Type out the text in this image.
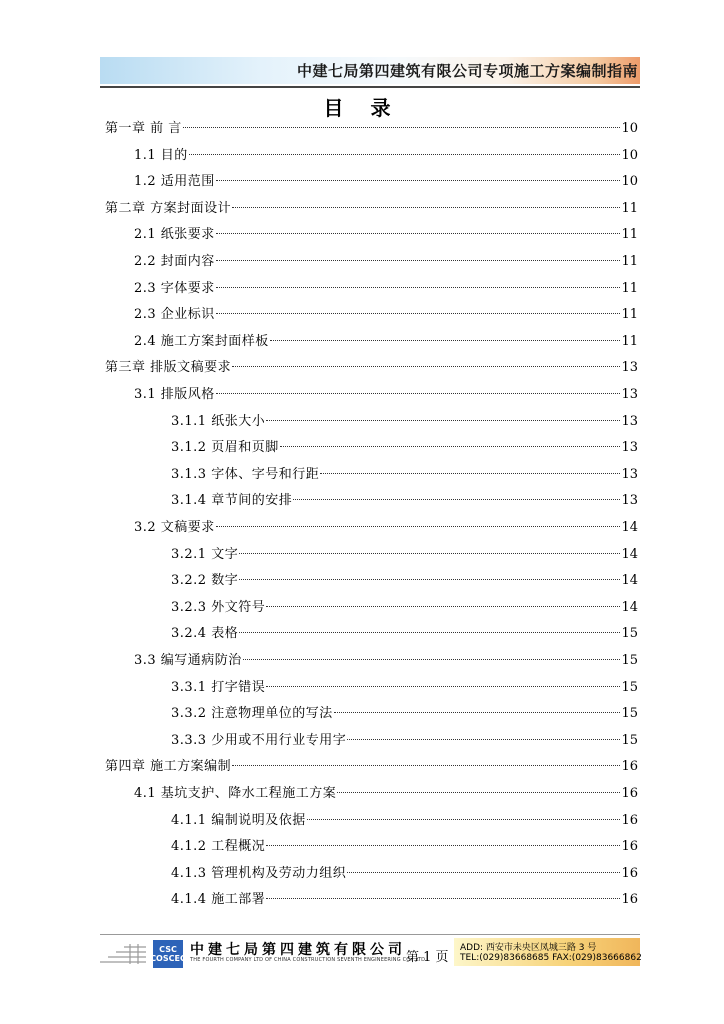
中建七局第四建筑有限公司专项施工方案编制指南
目 录
第一章 前 言	10
1.1 目的	10
1.2 适用范围	10
第二章 方案封面设计	11
2.1 纸张要求	11
2.2 封面内容	11
2.3 字体要求	11
2.3 企业标识	11
2.4 施工方案封面样板	11
第三章 排版文稿要求	13
3.1 排版风格	13
3.1.1 纸张大小	13
3.1.2 页眉和页脚	13
3.1.3 字体、字号和行距	13
3.1.4 章节间的安排	13
3.2 文稿要求	14
3.2.1 文字	14
3.2.2 数字	14
3.2.3 外文符号	14
3.2.4 表格	15
3.3 编写通病防治	15
3.3.1 打字错误	15
3.3.2 注意物理单位的写法	15
3.3.3 少用或不用行业专用字	15
第四章 施工方案编制	16
4.1 基坑支护、降水工程施工方案	16
4.1.1 编制说明及依据	16
4.1.2 工程概况	16
4.1.3 管理机构及劳动力组织	16
4.1.4 施工部署	16
CSC
COSCEC
中建七局第四建筑有限公司
THE FOURTH COMPANY LTD OF CHINA CONSTRUCTION SEVENTH ENGINEERING CO., LTD
第 1 页
ADD: 西安市未央区凤城三路 3 号
TEL:(029)83668685 FAX:(029)83666862
